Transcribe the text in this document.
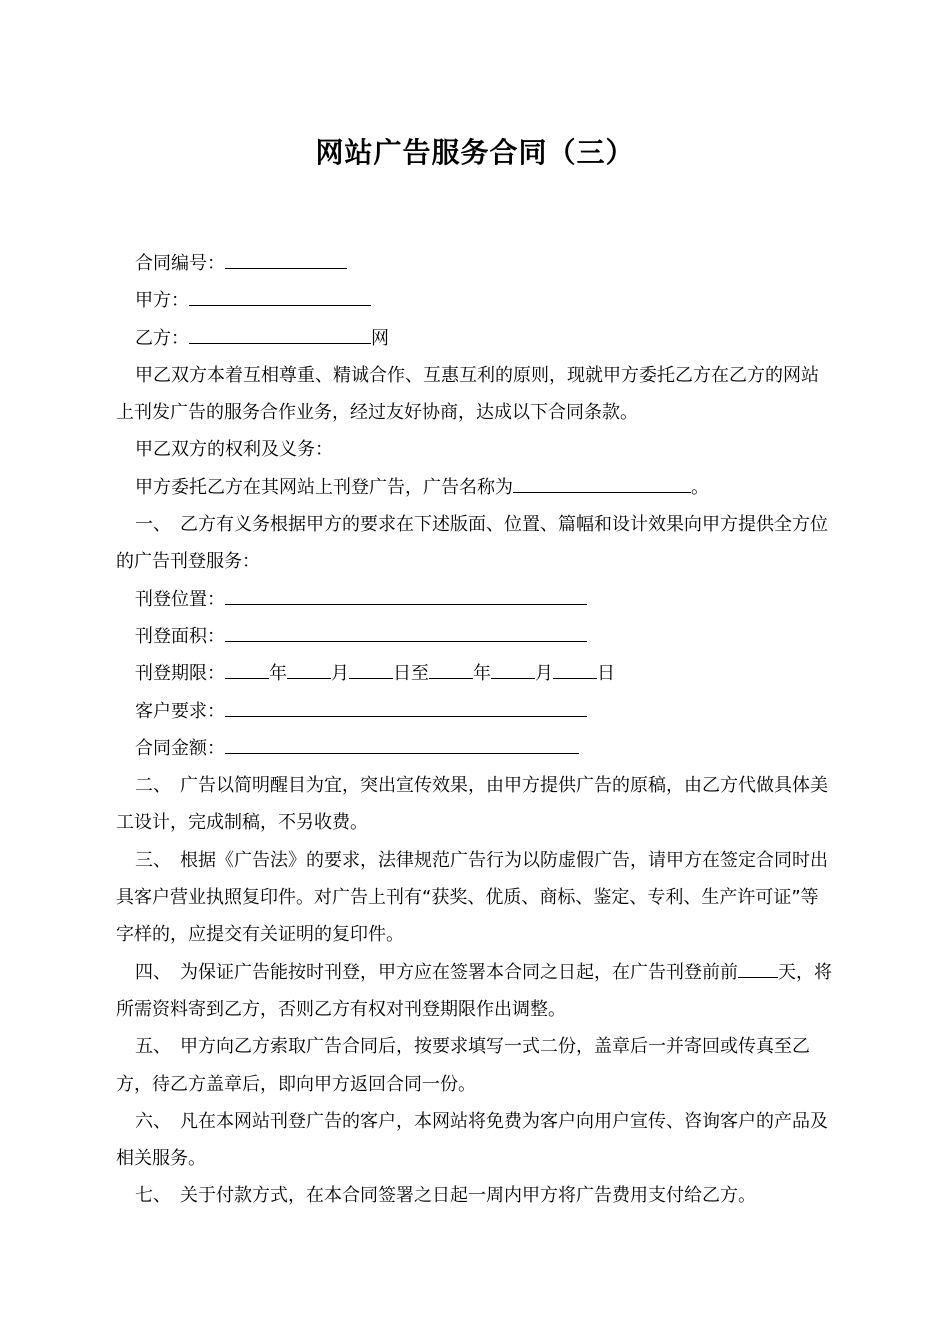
网站广告服务合同（三）

合同编号：

甲方：

乙方：	网

甲乙双方本着互相尊重、精诚合作、互惠互利的原则，现就甲方委托乙方在乙方的网站上刊发广告的服务合作业务，经过友好协商，达成以下合同条款。

甲乙双方的权利及义务：

甲方委托乙方在其网站上刊登广告，广告名称为	。

一、　乙方有义务根据甲方的要求在下述版面、位置、篇幅和设计效果向甲方提供全方位的广告刊登服务：

刊登位置：

刊登面积：

刊登期限： 年 月 日至 年 月 日

客户要求：

合同金额：

二、　广告以简明醒目为宜，突出宣传效果，由甲方提供广告的原稿，由乙方代做具体美工设计，完成制稿，不另收费。

三、　根据《广告法》的要求，法律规范广告行为以防虚假广告，请甲方在签定合同时出具客户营业执照复印件。对广告上刊有“获奖、优质、商标、鉴定、专利、生产许可证”等字样的，应提交有关证明的复印件。

四、　为保证广告能按时刊登，甲方应在签署本合同之日起，在广告刊登前前 天，将所需资料寄到乙方，否则乙方有权对刊登期限作出调整。

五、　甲方向乙方索取广告合同后，按要求填写一式二份，盖章后一并寄回或传真至乙方，待乙方盖章后，即向甲方返回合同一份。

六、　凡在本网站刊登广告的客户，本网站将免费为客户向用户宣传、咨询客户的产品及相关服务。

七、　关于付款方式，在本合同签署之日起一周内甲方将广告费用支付给乙方。
